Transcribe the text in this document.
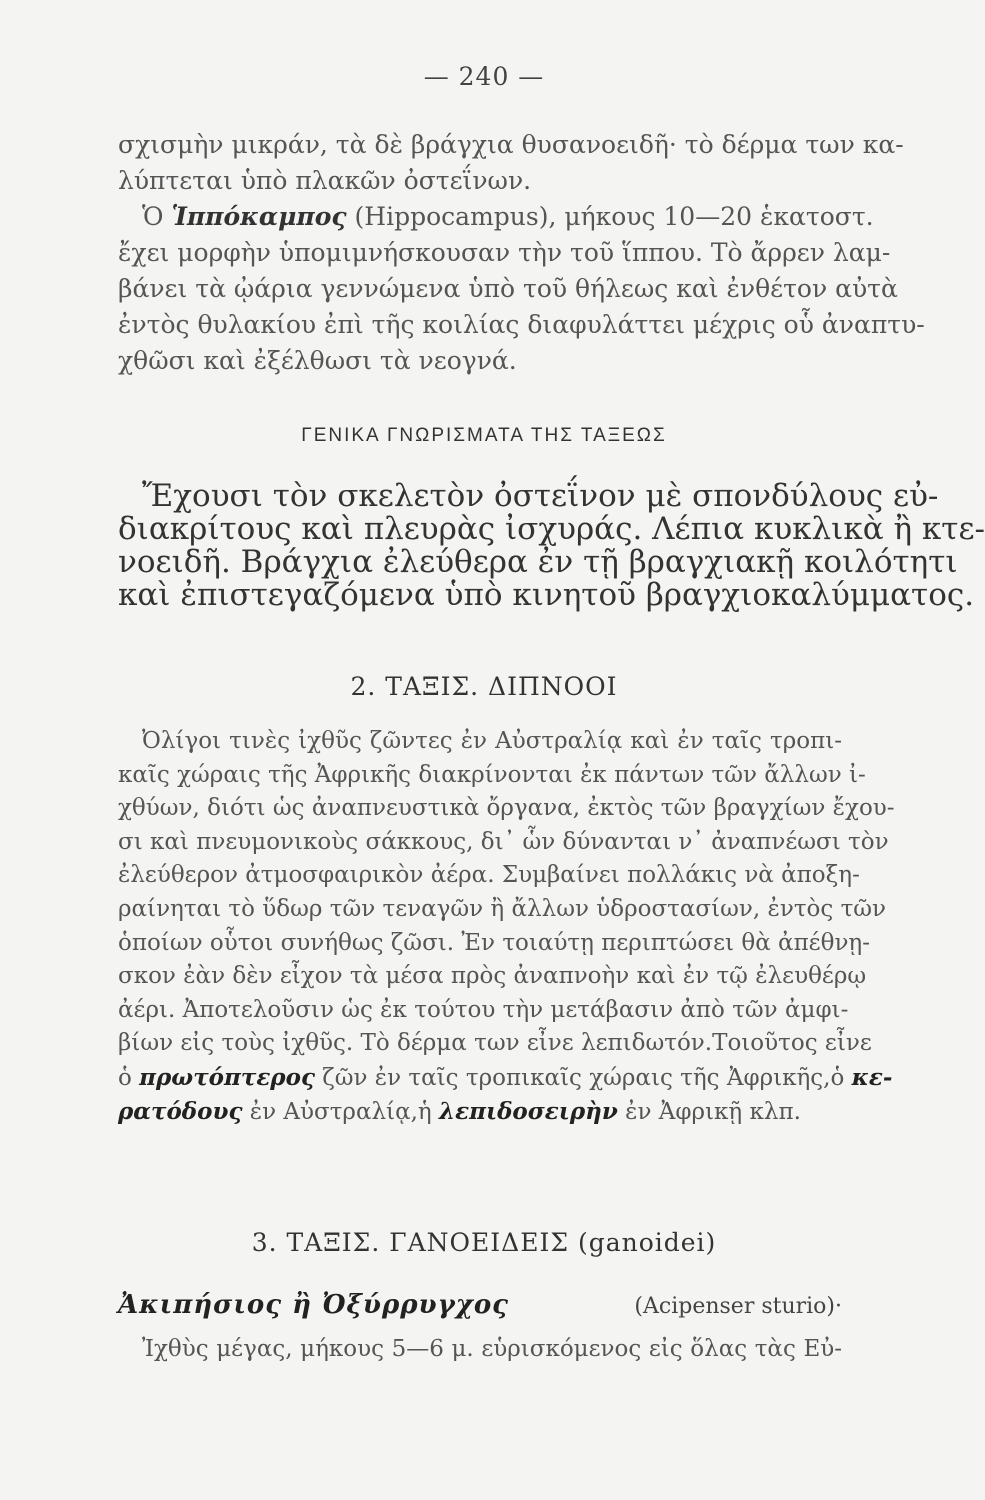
— 240 —
σχισμὴν μικράν, τὰ δὲ βράγχια θυσανοειδῆ· τὸ δέρμα των κα-
λύπτεται ὑπὸ πλακῶν ὀστεΐνων.
Ὁ Ἱππόκαμπος (Hippocampus), μήκους 10—20 ἑκατοστ.
ἔχει μορφὴν ὑπομιμνήσκουσαν τὴν τοῦ ἵππου. Τὸ ἄρρεν λαμ-
βάνει τὰ ᾠάρια γεννώμενα ὑπὸ τοῦ θήλεως καὶ ἐνθέτον αὐτὰ
ἐντὸς θυλακίου ἐπὶ τῆς κοιλίας διαφυλάττει μέχρις οὗ ἀναπτυ-
χθῶσι καὶ ἐξέλθωσι τὰ νεογνά.
ΓΕΝΙΚΑ ΓΝΩΡΙΣΜΑΤΑ ΤΗΣ ΤΑΞΕΩΣ
Ἔχουσι τὸν σκελετὸν ὀστεΐνον μὲ σπονδύλους εὐ-
διακρίτους καὶ πλευρὰς ἰσχυράς. Λέπια κυκλικὰ ἢ κτε-
νοειδῆ. Βράγχια ἐλεύθερα ἐν τῇ βραγχιακῇ κοιλότητι
καὶ ἐπιστεγαζόμενα ὑπὸ κινητοῦ βραγχιοκαλύμματος.
2. ΤΑΞΙΣ. ΔΙΠΝΟΟΙ
Ὀλίγοι τινὲς ἰχθῦς ζῶντες ἐν Αὐστραλίᾳ καὶ ἐν ταῖς τροπι-
καῖς χώραις τῆς Ἀφρικῆς διακρίνονται ἐκ πάντων τῶν ἄλλων ἰ-
χθύων, διότι ὡς ἀναπνευστικὰ ὄργανα, ἐκτὸς τῶν βραγχίων ἔχου-
σι καὶ πνευμονικοὺς σάκκους, δι᾽ ὧν δύνανται ν᾽ ἀναπνέωσι τὸν
ἐλεύθερον ἀτμοσφαιρικὸν ἀέρα. Συμβαίνει πολλάκις νὰ ἀποξη-
ραίνηται τὸ ὕδωρ τῶν τεναγῶν ἢ ἄλλων ὑδροστασίων, ἐντὸς τῶν
ὁποίων οὗτοι συνήθως ζῶσι. Ἐν τοιαύτῃ περιπτώσει θὰ ἀπέθνῃ-
σκον ἐὰν δὲν εἶχον τὰ μέσα πρὸς ἀναπνοὴν καὶ ἐν τῷ ἐλευθέρῳ
ἀέρι. Ἀποτελοῦσιν ὡς ἐκ τούτου τὴν μετάβασιν ἀπὸ τῶν ἀμφι-
βίων εἰς τοὺς ἰχθῦς. Τὸ δέρμα των εἶνε λεπιδωτόν.Τοιοῦτος εἶνε
ὁ πρωτόπτερος ζῶν ἐν ταῖς τροπικαῖς χώραις τῆς Ἀφρικῆς,ὁ κε-
ρατόδους ἐν Αὐστραλίᾳ,ἡ λεπιδοσειρὴν ἐν Ἀφρικῇ κλπ.
3. ΤΑΞΙΣ. ΓΑΝΟΕΙΔΕΙΣ (ganoidei)
Ἀκιπήσιος ἢ Ὀξύρρυγχος	(Acipenser sturio)·
Ἰχθὺς μέγας, μήκους 5—6 μ. εὑρισκόμενος εἰς ὅλας τὰς Εὐ-
